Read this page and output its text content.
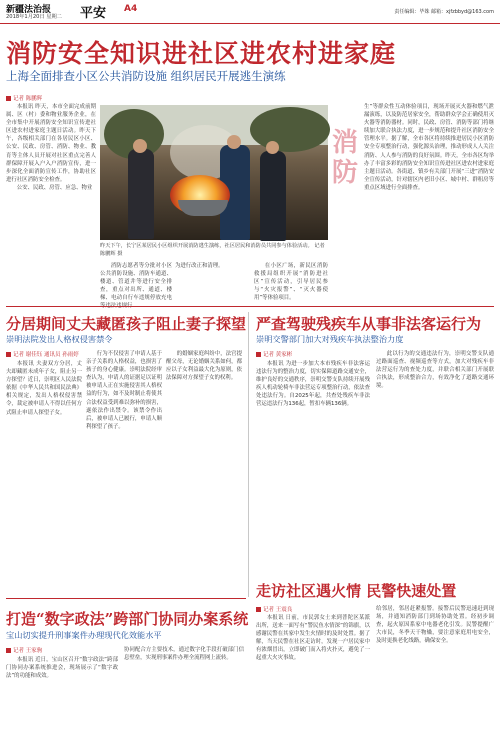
新疆法治报
2018年1月20日 星期二 平安 A4	责任编辑：毕姝 邮箱：xjfzbbyd@163.com
消防安全知识进社区进农村进家庭
上海全面排查小区公共消防设施 组织居民开展逃生演练
记者 陈鹏辉

本报讯 昨天，本市全面完成前期属、区（村）委和物业服务企业，在全市集中开展消防安全知识宣传进社区进农村进家庭主题日活动。昨天下午，各级相关部门在各居民区小区、公安、民政、房管、消防、物业、教育等主体人员开展对社区重点完善人群保障开展入户入户消防宣传，进一步深化全面消防宣传工作，协助社区进行社区消防安全检查。

公安、民政、房管、应急、物业

昨天下午，长宁区某居民小区组织开展消防逃生演练，社区居民和消防员共同参与体验活动。 记者 陈鹏辉 摄
消防

消防志愿者等分批对小区公共消防设施、消防车通道、楼道、管道井等进行安全排查，重点对出所、通道、楼梯、电动自行车违规停放充电

为进行改正和清理。	在小区广场，新民区消防救援局组织开展“消防进社区”宣传活动，引导居民参与“火灾报警”、“灭火器使用”等体验项目。

生”等群众性互动体验项目，现场开展灭火器和燃气泄漏演练，以及防范居家安全，帮助群众学会正确使用灭火器等消防器材。同时，民政、房管、消防等部门将继续加大联合执法力度，进一步规范和提升社区消防安全管理水平。据了解，全市各区将持续推进居民小区消防安全专项整治行动，强化源头治理，推动形成人人关注消防、人人参与消防的良好氛围。昨天，全市各区均举办了丰富多彩的消防安全知识宣传进社区进农村进家庭主题日活动。各街道、镇乡有关部门开展“三进”消防安全宣传活动，针对辖区内老旧小区、城中村、群租房等重点区域进行全面排查。

分居期间丈夫藏匿孩子阻止妻子探望
崇明法院发出人格权侵害禁令
记者 谢佳钰 通讯员 孙雨婷

本报讯 夫妻双方分居，丈夫却藏匿未成年子女，阻止另一方探望？近日，崇明区人民法院依据《中华人民共和国民法典》相关规定，发出人格权侵害禁令，裁定被申请人不得以任何方式阻止申请人探望子女。

行为不仅侵害了申请人基于亲子关系的人格权益，也损害了孩子的身心健康。崇明法院经审查认为，申请人的证据足以证明被申请人正在实施侵害其人格权益的行为，如不及时制止将使其合法权益受到难以弥补的损害，遂依法作出禁令。该禁令作出后，被申请人已履行，申请人顺利探望了孩子。

的婚姻家庭纠纷中，法官提醒父母，无论婚姻关系如何，都应以子女利益最大化为原则，依法保障对方探望子女的权利。

严查驾驶残疾车从事非法客运行为
崇明交警部门加大对残疾车执法整治力度
记者 黄家彬

本报讯 为进一步加大本市残疾车非法客运违法行为的整治力度，切实保障道路交通安全，维护良好的交通秩序，崇明交警支队持续开展残疾人机动轮椅车非法营运专项整治行动，依法查处违法行为。自2025年起，共查处残疾车非法营运违法行为136起，暂扣车辆136辆。

此以行为的交通违法行为，崇明交警支队通过路面巡查、视频巡查等方式，加大对残疾车非法营运行为的查处力度，并联合相关部门开展联合执法，形成整治合力，有效净化了道路交通环境。

走访社区遇火情 民警快速处置
记者 王震良

本报讯 日前，市民郭女士来到普陀区某派出所，送来一面写有“警民鱼水情深”的锦旗，以感谢民警在其家中发生火情时的及时处置。据了解，当天民警在社区走访时，发现一户居民家中有浓烟冒出，立即破门而入将火扑灭，避免了一起重大火灾事故。

给邻居，邻居赶紧报警。接警后民警迅速赶到现场，并通知消防部门到场协助处置。经初步调查，起火原因系家中电器老化引发。民警提醒广大市民，冬季天干物燥，要注意家庭用电安全，及时更换老化线路，确保安全。

打造“数字政法”跨部门协同办案系统
宝山切实提升刑事案件办理现代化效能水平
记者 王家驹

本报讯 近日，宝山区召开“数字政法”跨部门协同办案系统推进会，现场展示了“数字政法”的功能和成效。

协同配合方主要技术，通过数字化手段打破部门信息壁垒，实现刑事案件办理全流程网上流转。
